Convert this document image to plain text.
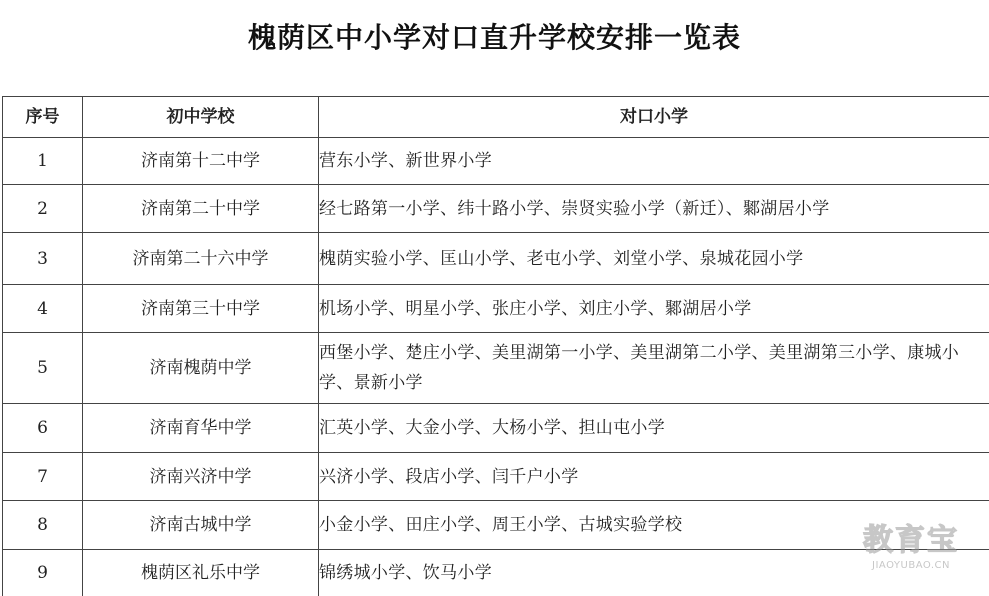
槐荫区中小学对口直升学校安排一览表
序号	初中学校	对口小学
1	济南第十二中学	营东小学、新世界小学
2	济南第二十中学	经七路第一小学、纬十路小学、崇贤实验小学（新迁）、鄹湖居小学
3	济南第二十六中学	槐荫实验小学、匡山小学、老屯小学、刘堂小学、泉城花园小学
4	济南第三十中学	机场小学、明星小学、张庄小学、刘庄小学、鄹湖居小学
5	济南槐荫中学	西堡小学、楚庄小学、美里湖第一小学、美里湖第二小学、美里湖第三小学、康城小学、景新小学
6	济南育华中学	汇英小学、大金小学、大杨小学、担山屯小学
7	济南兴济中学	兴济小学、段店小学、闫千户小学
8	济南古城中学	小金小学、田庄小学、周王小学、古城实验学校
9	槐荫区礼乐中学	锦绣城小学、饮马小学
教育宝
JIAOYUBAO.CN
